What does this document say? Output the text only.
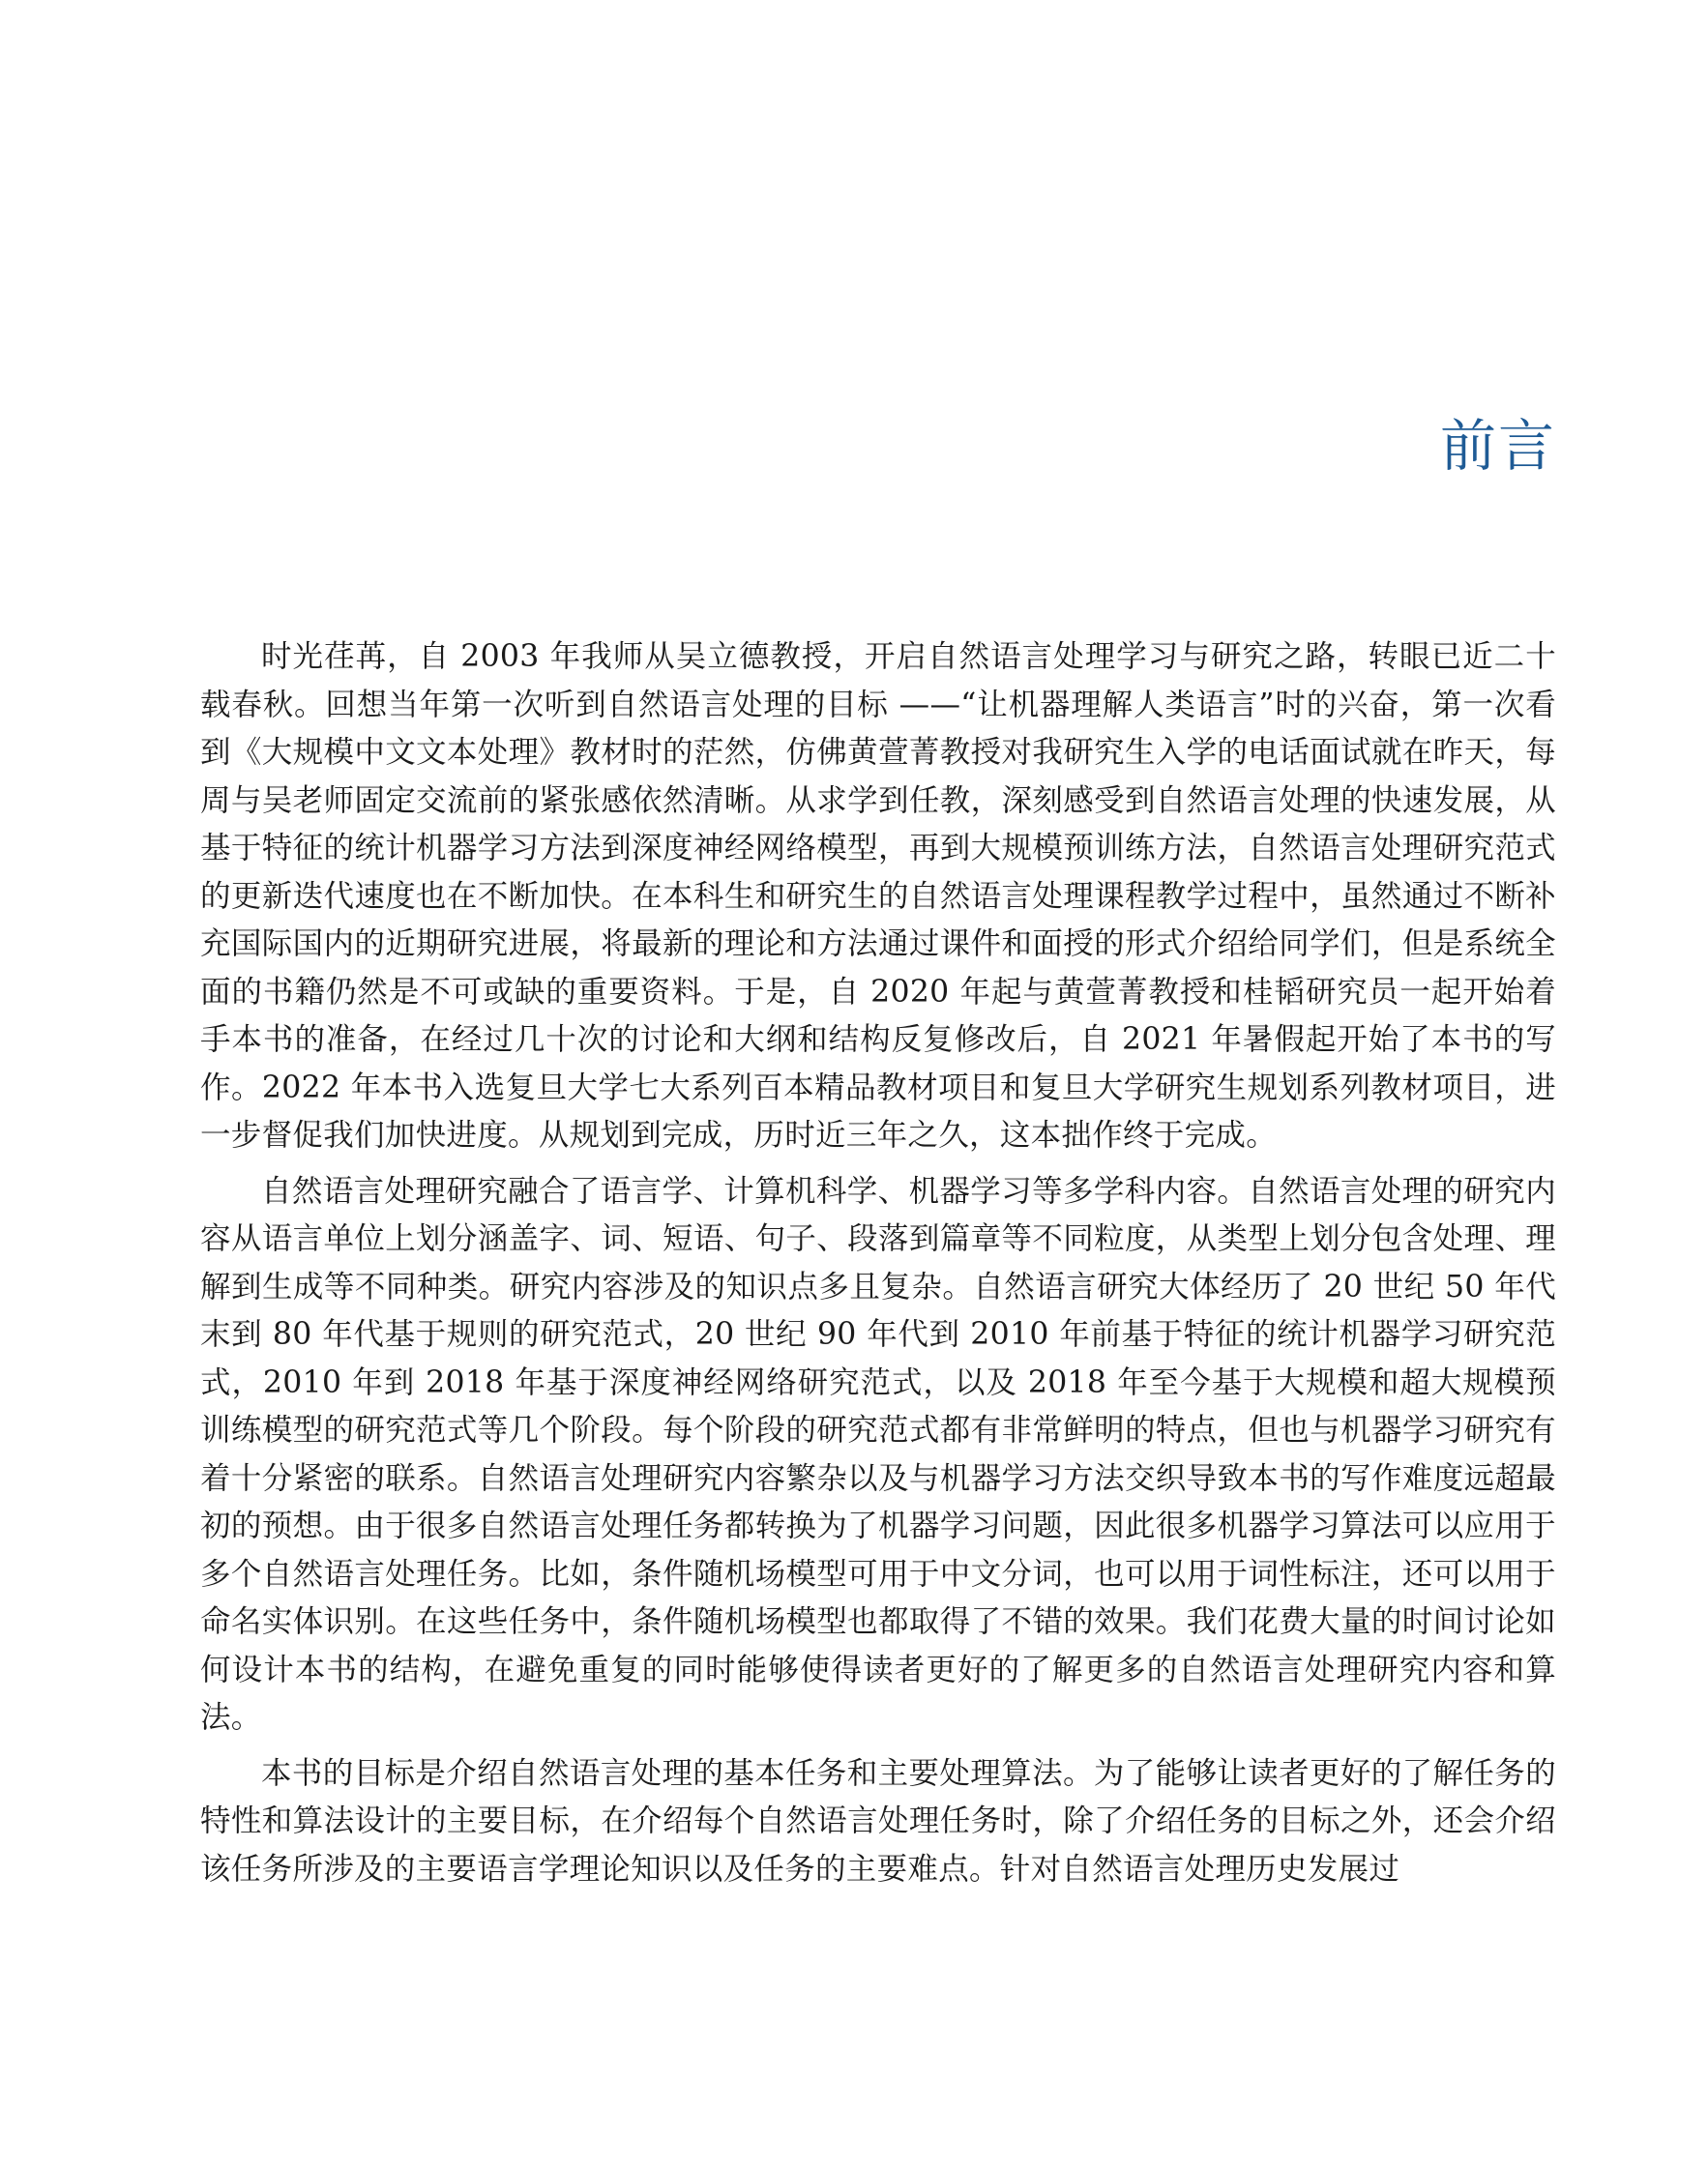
前言

时光荏苒，自 2003 年我师从吴立德教授，开启自然语言处理学习与研究之路，转眼已近二十载春秋。回想当年第一次听到自然语言处理的目标 ——“让机器理解人类语言”时的兴奋，第一次看到《大规模中文文本处理》教材时的茫然，仿佛黄萱菁教授对我研究生入学的电话面试就在昨天，每周与吴老师固定交流前的紧张感依然清晰。从求学到任教，深刻感受到自然语言处理的快速发展，从基于特征的统计机器学习方法到深度神经网络模型，再到大规模预训练方法，自然语言处理研究范式的更新迭代速度也在不断加快。在本科生和研究生的自然语言处理课程教学过程中，虽然通过不断补充国际国内的近期研究进展，将最新的理论和方法通过课件和面授的形式介绍给同学们，但是系统全面的书籍仍然是不可或缺的重要资料。于是，自 2020 年起与黄萱菁教授和桂韬研究员一起开始着手本书的准备，在经过几十次的讨论和大纲和结构反复修改后，自 2021 年暑假起开始了本书的写作。2022 年本书入选复旦大学七大系列百本精品教材项目和复旦大学研究生规划系列教材项目，进一步督促我们加快进度。从规划到完成，历时近三年之久，这本拙作终于完成。

自然语言处理研究融合了语言学、计算机科学、机器学习等多学科内容。自然语言处理的研究内容从语言单位上划分涵盖字、词、短语、句子、段落到篇章等不同粒度，从类型上划分包含处理、理解到生成等不同种类。研究内容涉及的知识点多且复杂。自然语言研究大体经历了 20 世纪 50 年代末到 80 年代基于规则的研究范式，20 世纪 90 年代到 2010 年前基于特征的统计机器学习研究范式，2010 年到 2018 年基于深度神经网络研究范式，以及 2018 年至今基于大规模和超大规模预训练模型的研究范式等几个阶段。每个阶段的研究范式都有非常鲜明的特点，但也与机器学习研究有着十分紧密的联系。自然语言处理研究内容繁杂以及与机器学习方法交织导致本书的写作难度远超最初的预想。由于很多自然语言处理任务都转换为了机器学习问题，因此很多机器学习算法可以应用于多个自然语言处理任务。比如，条件随机场模型可用于中文分词，也可以用于词性标注，还可以用于命名实体识别。在这些任务中，条件随机场模型也都取得了不错的效果。我们花费大量的时间讨论如何设计本书的结构，在避免重复的同时能够使得读者更好的了解更多的自然语言处理研究内容和算法。

本书的目标是介绍自然语言处理的基本任务和主要处理算法。为了能够让读者更好的了解任务的特性和算法设计的主要目标，在介绍每个自然语言处理任务时，除了介绍任务的目标之外，还会介绍该任务所涉及的主要语言学理论知识以及任务的主要难点。针对自然语言处理历史发展过
